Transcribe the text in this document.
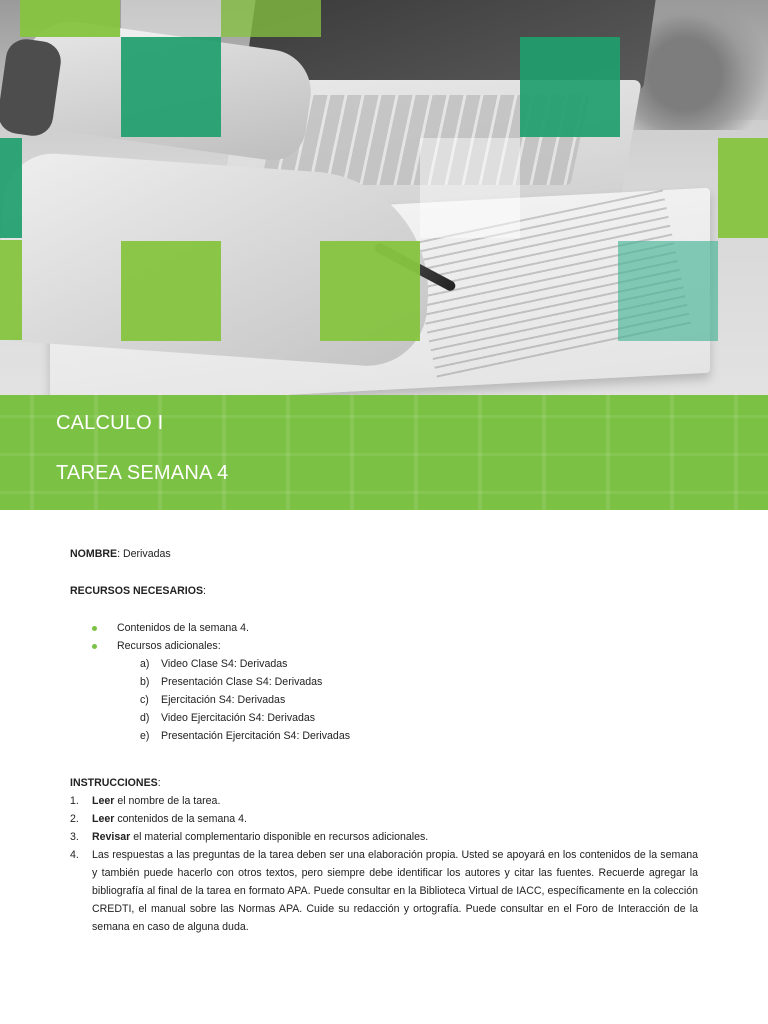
CALCULO I
TAREA SEMANA 4
NOMBRE: Derivadas
RECURSOS NECESARIOS:
Contenidos de la semana 4.
Recursos adicionales:
a) Video Clase S4: Derivadas
b) Presentación Clase S4: Derivadas
c) Ejercitación S4: Derivadas
d) Video Ejercitación S4: Derivadas
e) Presentación Ejercitación S4: Derivadas
INSTRUCCIONES:
1. Leer el nombre de la tarea.
2. Leer contenidos de la semana 4.
3. Revisar el material complementario disponible en recursos adicionales.
4. Las respuestas a las preguntas de la tarea deben ser una elaboración propia. Usted se apoyará en los contenidos de la semana y también puede hacerlo con otros textos, pero siempre debe identificar los autores y citar las fuentes. Recuerde agregar la bibliografía al final de la tarea en formato APA. Puede consultar en la Biblioteca Virtual de IACC, específicamente en la colección CREDTI, el manual sobre las Normas APA. Cuide su redacción y ortografía. Puede consultar en el Foro de Interacción de la semana en caso de alguna duda.
